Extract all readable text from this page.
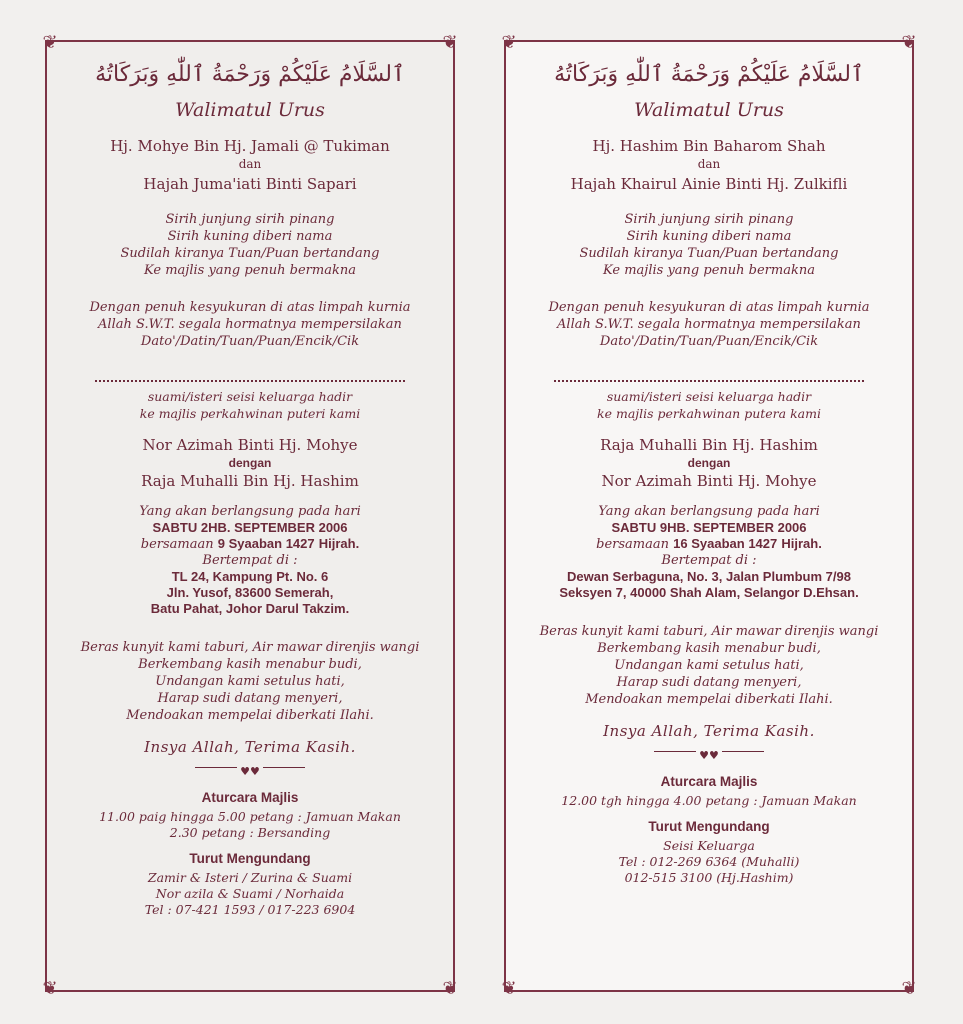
❦	❦
❦	❦
ٱلسَّلَامُ عَلَيْكُمْ وَرَحْمَةُ ٱللّٰهِ وَبَرَكَاتُهُ
Walimatul Urus
Hj. Mohye Bin Hj. Jamali @ Tukiman
dan
Hajah Juma'iati Binti Sapari
Sirih junjung sirih pinang
Sirih kuning diberi nama
Sudilah kiranya Tuan/Puan bertandang
Ke majlis yang penuh bermakna
Dengan penuh kesyukuran di atas limpah kurnia
Allah S.W.T. segala hormatnya mempersilakan
Dato'/Datin/Tuan/Puan/Encik/Cik
suami/isteri seisi keluarga hadir
ke majlis perkahwinan puteri kami
Nor Azimah Binti Hj. Mohye
dengan
Raja Muhalli Bin Hj. Hashim
Yang akan berlangsung pada hari
SABTU 2HB. SEPTEMBER 2006
bersamaan 9 Syaaban 1427 Hijrah.
Bertempat di :
TL 24, Kampung Pt. No. 6
Jln. Yusof, 83600 Semerah,
Batu Pahat, Johor Darul Takzim.
Beras kunyit kami taburi, Air mawar direnjis wangi
Berkembang kasih menabur budi,
Undangan kami setulus hati,
Harap sudi datang menyeri,
Mendoakan mempelai diberkati Ilahi.
Insya Allah, Terima Kasih.
♥♥
Aturcara Majlis
11.00 paig hingga 5.00 petang : Jamuan Makan
2.30 petang : Bersanding
Turut Mengundang
Zamir & Isteri / Zurina & Suami
Nor azila & Suami / Norhaida
Tel : 07-421 1593 / 017-223 6904
❦	❦
❦	❦
ٱلسَّلَامُ عَلَيْكُمْ وَرَحْمَةُ ٱللّٰهِ وَبَرَكَاتُهُ
Walimatul Urus
Hj. Hashim Bin Baharom Shah
dan
Hajah Khairul Ainie Binti Hj. Zulkifli
Sirih junjung sirih pinang
Sirih kuning diberi nama
Sudilah kiranya Tuan/Puan bertandang
Ke majlis yang penuh bermakna
Dengan penuh kesyukuran di atas limpah kurnia
Allah S.W.T. segala hormatnya mempersilakan
Dato'/Datin/Tuan/Puan/Encik/Cik
suami/isteri seisi keluarga hadir
ke majlis perkahwinan putera kami
Raja Muhalli Bin Hj. Hashim
dengan
Nor Azimah Binti Hj. Mohye
Yang akan berlangsung pada hari
SABTU 9HB. SEPTEMBER 2006
bersamaan 16 Syaaban 1427 Hijrah.
Bertempat di :
Dewan Serbaguna, No. 3, Jalan Plumbum 7/98
Seksyen 7, 40000 Shah Alam, Selangor D.Ehsan.
Beras kunyit kami taburi, Air mawar direnjis wangi
Berkembang kasih menabur budi,
Undangan kami setulus hati,
Harap sudi datang menyeri,
Mendoakan mempelai diberkati Ilahi.
Insya Allah, Terima Kasih.
♥♥
Aturcara Majlis
12.00 tgh hingga 4.00 petang : Jamuan Makan
Turut Mengundang
Seisi Keluarga
Tel : 012-269 6364 (Muhalli)
012-515 3100 (Hj.Hashim)
